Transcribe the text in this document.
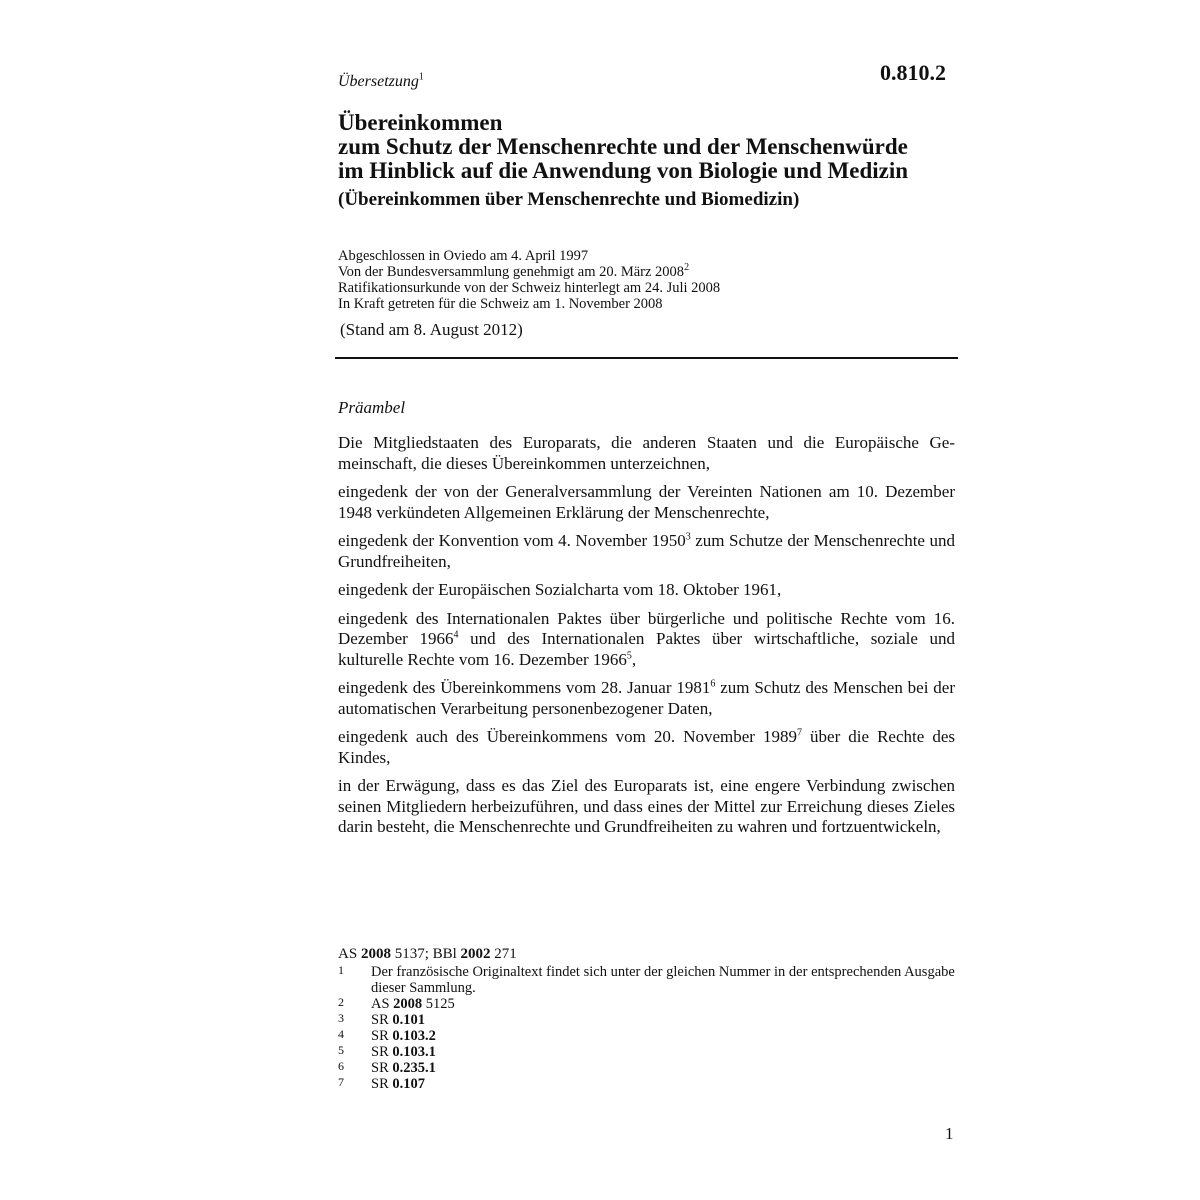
0.810.2
Übersetzung$^1$
Übereinkommen
zum Schutz der Menschenrechte und der Menschenwürde
im Hinblick auf die Anwendung von Biologie und Medizin
(Übereinkommen über Menschenrechte und Biomedizin)
Abgeschlossen in Oviedo am 4. April 1997
Von der Bundesversammlung genehmigt am 20. März 2008$^2$
Ratifikationsurkunde von der Schweiz hinterlegt am 24. Juli 2008
In Kraft getreten für die Schweiz am 1. November 2008
(Stand am 8. August 2012)
Präambel

Die Mitgliedstaaten des Europarats, die anderen Staaten und die Europäische Gemeinschaft, die dieses Übereinkommen unterzeichnen,

eingedenk der von der Generalversammlung der Vereinten Nationen am 10. Dezember 1948 verkündeten Allgemeinen Erklärung der Menschenrechte,

eingedenk der Konvention vom 4. November 1950$^3$ zum Schutze der Menschenrechte und Grundfreiheiten,

eingedenk der Europäischen Sozialcharta vom 18. Oktober 1961,

eingedenk des Internationalen Paktes über bürgerliche und politische Rechte vom 16. Dezember 1966$^4$ und des Internationalen Paktes über wirtschaftliche, soziale und kulturelle Rechte vom 16. Dezember 1966$^5$,

eingedenk des Übereinkommens vom 28. Januar 1981$^6$ zum Schutz des Menschen bei der automatischen Verarbeitung personenbezogener Daten,

eingedenk auch des Übereinkommens vom 20. November 1989$^7$ über die Rechte des Kindes,

in der Erwägung, dass es das Ziel des Europarats ist, eine engere Verbindung zwischen seinen Mitgliedern herbeizuführen, und dass eines der Mittel zur Erreichung dieses Zieles darin besteht, die Menschenrechte und Grundfreiheiten zu wahren und fortzuentwickeln,

AS 2008 5137; BBl 2002 271
1	Der französische Originaltext findet sich unter der gleichen Nummer in der entsprechenden Ausgabe dieser Sammlung.
2	AS 2008 5125
3	SR 0.101
4	SR 0.103.2
5	SR 0.103.1
6	SR 0.235.1
7	SR 0.107
1
